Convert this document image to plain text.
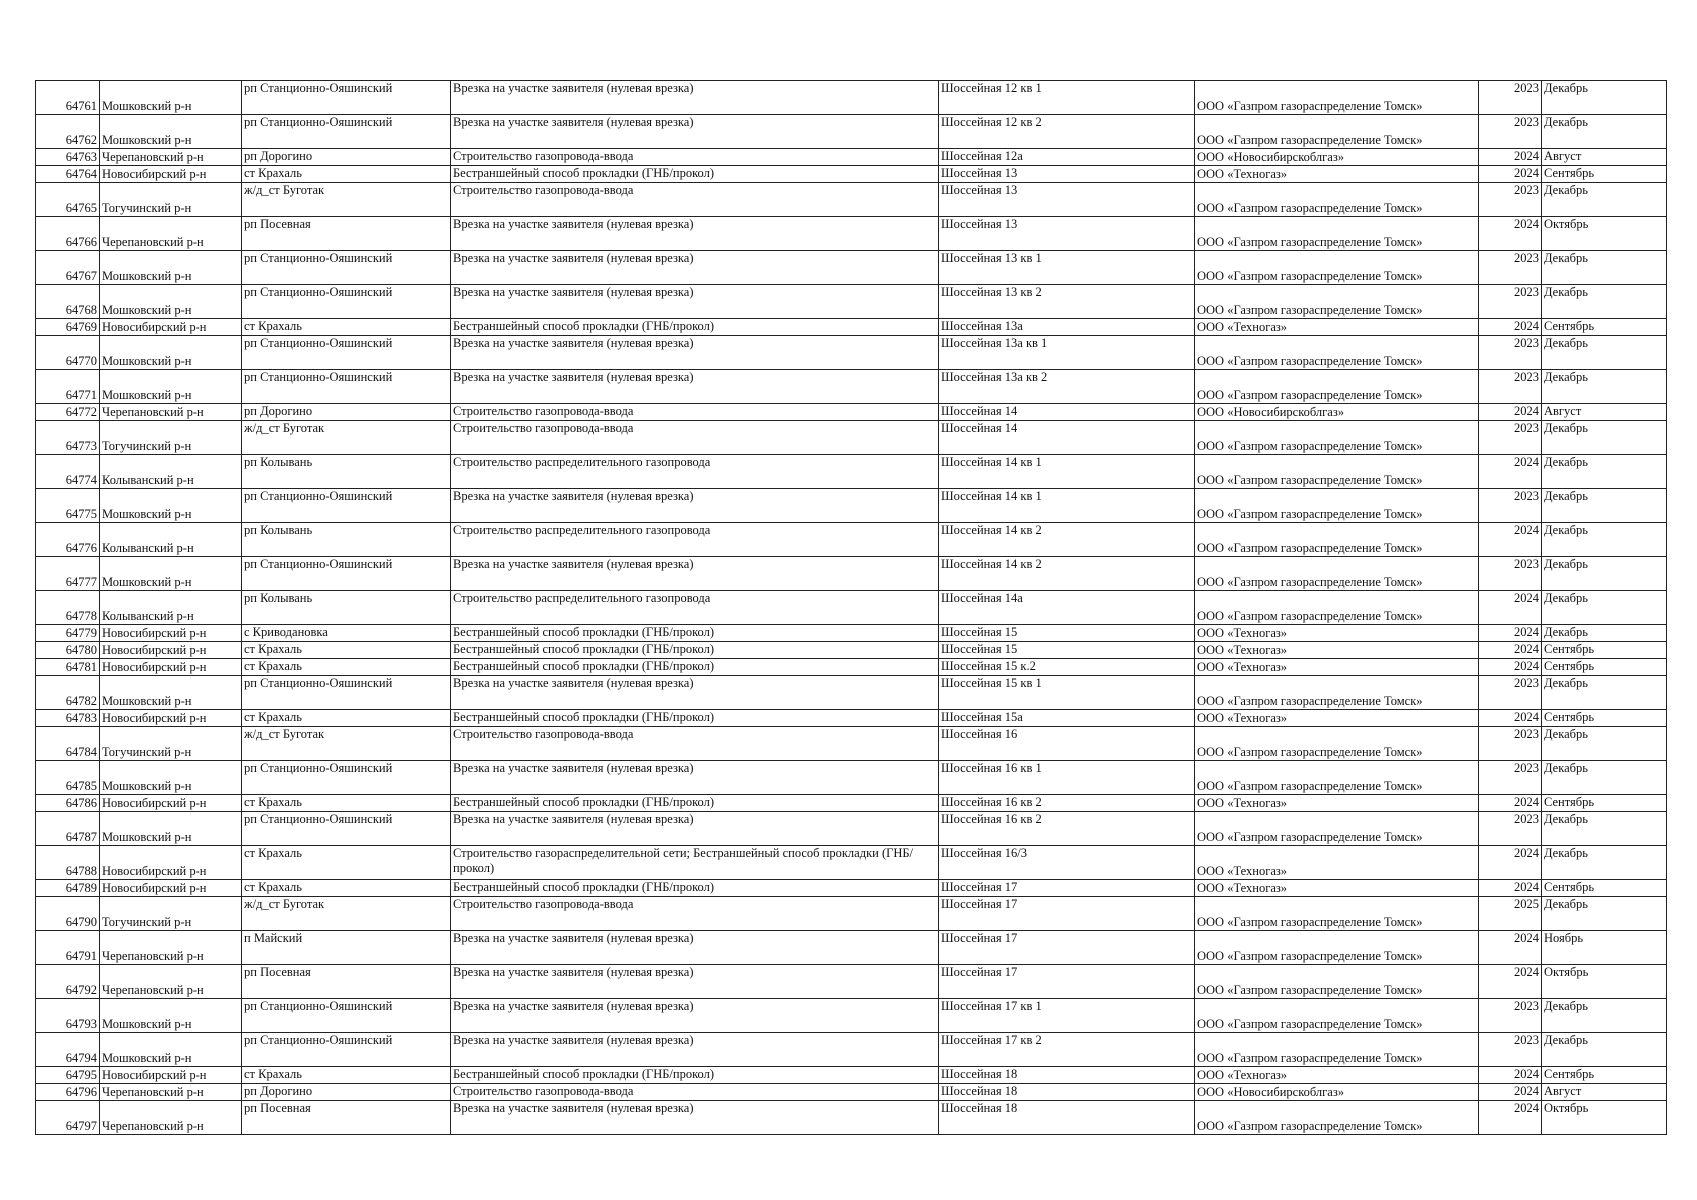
64761	Мошковский р-н	рп Станционно-Ояшинский	Врезка на участке заявителя (нулевая врезка)	Шоссейная 12 кв 1	ООО «Газпром газораспределение Томск»	2023	Декабрь
64762	Мошковский р-н	рп Станционно-Ояшинский	Врезка на участке заявителя (нулевая врезка)	Шоссейная 12 кв 2	ООО «Газпром газораспределение Томск»	2023	Декабрь
64763	Черепановский р-н	рп Дорогино	Строительство газопровода-ввода	Шоссейная 12а	ООО «Новосибирскоблгаз»	2024	Август
64764	Новосибирский р-н	ст Крахаль	Бестраншейный способ прокладки (ГНБ/прокол)	Шоссейная 13	ООО «Техногаз»	2024	Сентябрь
64765	Тогучинский р-н	ж/д_ст Буготак	Строительство газопровода-ввода	Шоссейная 13	ООО «Газпром газораспределение Томск»	2023	Декабрь
64766	Черепановский р-н	рп Посевная	Врезка на участке заявителя (нулевая врезка)	Шоссейная 13	ООО «Газпром газораспределение Томск»	2024	Октябрь
64767	Мошковский р-н	рп Станционно-Ояшинский	Врезка на участке заявителя (нулевая врезка)	Шоссейная 13 кв 1	ООО «Газпром газораспределение Томск»	2023	Декабрь
64768	Мошковский р-н	рп Станционно-Ояшинский	Врезка на участке заявителя (нулевая врезка)	Шоссейная 13 кв 2	ООО «Газпром газораспределение Томск»	2023	Декабрь
64769	Новосибирский р-н	ст Крахаль	Бестраншейный способ прокладки (ГНБ/прокол)	Шоссейная 13а	ООО «Техногаз»	2024	Сентябрь
64770	Мошковский р-н	рп Станционно-Ояшинский	Врезка на участке заявителя (нулевая врезка)	Шоссейная 13а кв 1	ООО «Газпром газораспределение Томск»	2023	Декабрь
64771	Мошковский р-н	рп Станционно-Ояшинский	Врезка на участке заявителя (нулевая врезка)	Шоссейная 13а кв 2	ООО «Газпром газораспределение Томск»	2023	Декабрь
64772	Черепановский р-н	рп Дорогино	Строительство газопровода-ввода	Шоссейная 14	ООО «Новосибирскоблгаз»	2024	Август
64773	Тогучинский р-н	ж/д_ст Буготак	Строительство газопровода-ввода	Шоссейная 14	ООО «Газпром газораспределение Томск»	2023	Декабрь
64774	Колыванский р-н	рп Колывань	Строительство распределительного газопровода	Шоссейная 14 кв 1	ООО «Газпром газораспределение Томск»	2024	Декабрь
64775	Мошковский р-н	рп Станционно-Ояшинский	Врезка на участке заявителя (нулевая врезка)	Шоссейная 14 кв 1	ООО «Газпром газораспределение Томск»	2023	Декабрь
64776	Колыванский р-н	рп Колывань	Строительство распределительного газопровода	Шоссейная 14 кв 2	ООО «Газпром газораспределение Томск»	2024	Декабрь
64777	Мошковский р-н	рп Станционно-Ояшинский	Врезка на участке заявителя (нулевая врезка)	Шоссейная 14 кв 2	ООО «Газпром газораспределение Томск»	2023	Декабрь
64778	Колыванский р-н	рп Колывань	Строительство распределительного газопровода	Шоссейная 14а	ООО «Газпром газораспределение Томск»	2024	Декабрь
64779	Новосибирский р-н	с Криводановка	Бестраншейный способ прокладки (ГНБ/прокол)	Шоссейная 15	ООО «Техногаз»	2024	Декабрь
64780	Новосибирский р-н	ст Крахаль	Бестраншейный способ прокладки (ГНБ/прокол)	Шоссейная 15	ООО «Техногаз»	2024	Сентябрь
64781	Новосибирский р-н	ст Крахаль	Бестраншейный способ прокладки (ГНБ/прокол)	Шоссейная 15 к.2	ООО «Техногаз»	2024	Сентябрь
64782	Мошковский р-н	рп Станционно-Ояшинский	Врезка на участке заявителя (нулевая врезка)	Шоссейная 15 кв 1	ООО «Газпром газораспределение Томск»	2023	Декабрь
64783	Новосибирский р-н	ст Крахаль	Бестраншейный способ прокладки (ГНБ/прокол)	Шоссейная 15а	ООО «Техногаз»	2024	Сентябрь
64784	Тогучинский р-н	ж/д_ст Буготак	Строительство газопровода-ввода	Шоссейная 16	ООО «Газпром газораспределение Томск»	2023	Декабрь
64785	Мошковский р-н	рп Станционно-Ояшинский	Врезка на участке заявителя (нулевая врезка)	Шоссейная 16 кв 1	ООО «Газпром газораспределение Томск»	2023	Декабрь
64786	Новосибирский р-н	ст Крахаль	Бестраншейный способ прокладки (ГНБ/прокол)	Шоссейная 16 кв 2	ООО «Техногаз»	2024	Сентябрь
64787	Мошковский р-н	рп Станционно-Ояшинский	Врезка на участке заявителя (нулевая врезка)	Шоссейная 16 кв 2	ООО «Газпром газораспределение Томск»	2023	Декабрь
64788	Новосибирский р-н	ст Крахаль	Строительство газораспределительной сети; Бестраншейный способ прокладки (ГНБ/прокол)	Шоссейная 16/3	ООО «Техногаз»	2024	Декабрь
64789	Новосибирский р-н	ст Крахаль	Бестраншейный способ прокладки (ГНБ/прокол)	Шоссейная 17	ООО «Техногаз»	2024	Сентябрь
64790	Тогучинский р-н	ж/д_ст Буготак	Строительство газопровода-ввода	Шоссейная 17	ООО «Газпром газораспределение Томск»	2025	Декабрь
64791	Черепановский р-н	п Майский	Врезка на участке заявителя (нулевая врезка)	Шоссейная 17	ООО «Газпром газораспределение Томск»	2024	Ноябрь
64792	Черепановский р-н	рп Посевная	Врезка на участке заявителя (нулевая врезка)	Шоссейная 17	ООО «Газпром газораспределение Томск»	2024	Октябрь
64793	Мошковский р-н	рп Станционно-Ояшинский	Врезка на участке заявителя (нулевая врезка)	Шоссейная 17 кв 1	ООО «Газпром газораспределение Томск»	2023	Декабрь
64794	Мошковский р-н	рп Станционно-Ояшинский	Врезка на участке заявителя (нулевая врезка)	Шоссейная 17 кв 2	ООО «Газпром газораспределение Томск»	2023	Декабрь
64795	Новосибирский р-н	ст Крахаль	Бестраншейный способ прокладки (ГНБ/прокол)	Шоссейная 18	ООО «Техногаз»	2024	Сентябрь
64796	Черепановский р-н	рп Дорогино	Строительство газопровода-ввода	Шоссейная 18	ООО «Новосибирскоблгаз»	2024	Август
64797	Черепановский р-н	рп Посевная	Врезка на участке заявителя (нулевая врезка)	Шоссейная 18	ООО «Газпром газораспределение Томск»	2024	Октябрь
